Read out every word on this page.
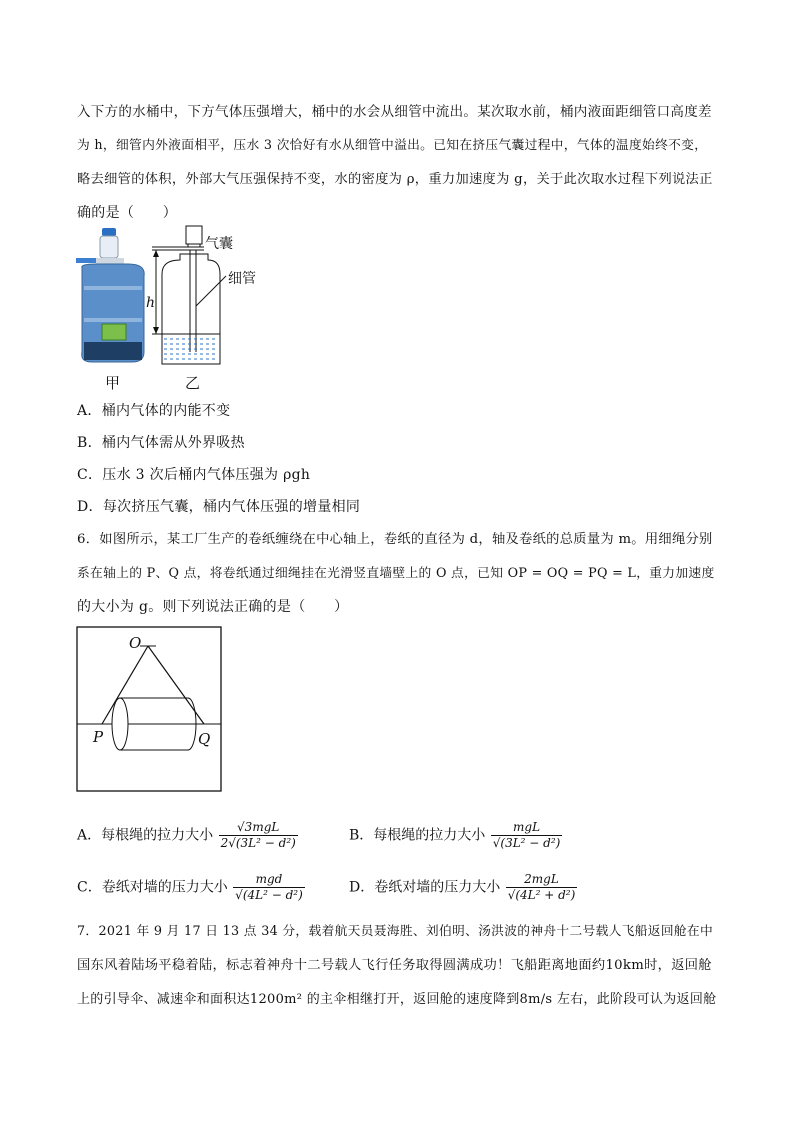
入下方的水桶中，下方气体压强增大，桶中的水会从细管中流出。某次取水前，桶内液面距细管口高度差
为 h，细管内外液面相平，压水 3 次恰好有水从细管中溢出。已知在挤压气囊过程中，气体的温度始终不变，
略去细管的体积，外部大气压强保持不变，水的密度为 ρ，重力加速度为 g，关于此次取水过程下列说法正
确的是（　　）
甲
h
气囊
细管
乙
A．桶内气体的内能不变
B．桶内气体需从外界吸热
C．压水 3 次后桶内气体压强为 ρgh
D．每次挤压气囊，桶内气体压强的增量相同
6．如图所示，某工厂生产的卷纸缠绕在中心轴上，卷纸的直径为 d，轴及卷纸的总质量为 m。用细绳分别
系在轴上的 P、Q 点，将卷纸通过细绳挂在光滑竖直墙壁上的 O 点，已知 OP = OQ = PQ = L，重力加速度
的大小为 g。则下列说法正确的是（　　）
O
P	Q
A．每根绳的拉力大小 $\frac{\text{√3mgL}}{\text{2√(3L² − d²)}}$	B．每根绳的拉力大小 $\frac{\text{mgL}}{\text{√(3L² − d²)}}$
C．卷纸对墙的压力大小 $\frac{\text{mgd}}{\text{√(4L² − d²)}}$	D．卷纸对墙的压力大小 $\frac{\text{2mgL}}{\text{√(4L² + d²)}}$
7．2021 年 9 月 17 日 13 点 34 分，载着航天员聂海胜、刘伯明、汤洪波的神舟十二号载人飞船返回舱在中
国东风着陆场平稳着陆，标志着神舟十二号载人飞行任务取得圆满成功！飞船距离地面约10km时，返回舱
上的引导伞、减速伞和面积达1200m² 的主伞相继打开，返回舱的速度降到8m/s 左右，此阶段可认为返回舱
